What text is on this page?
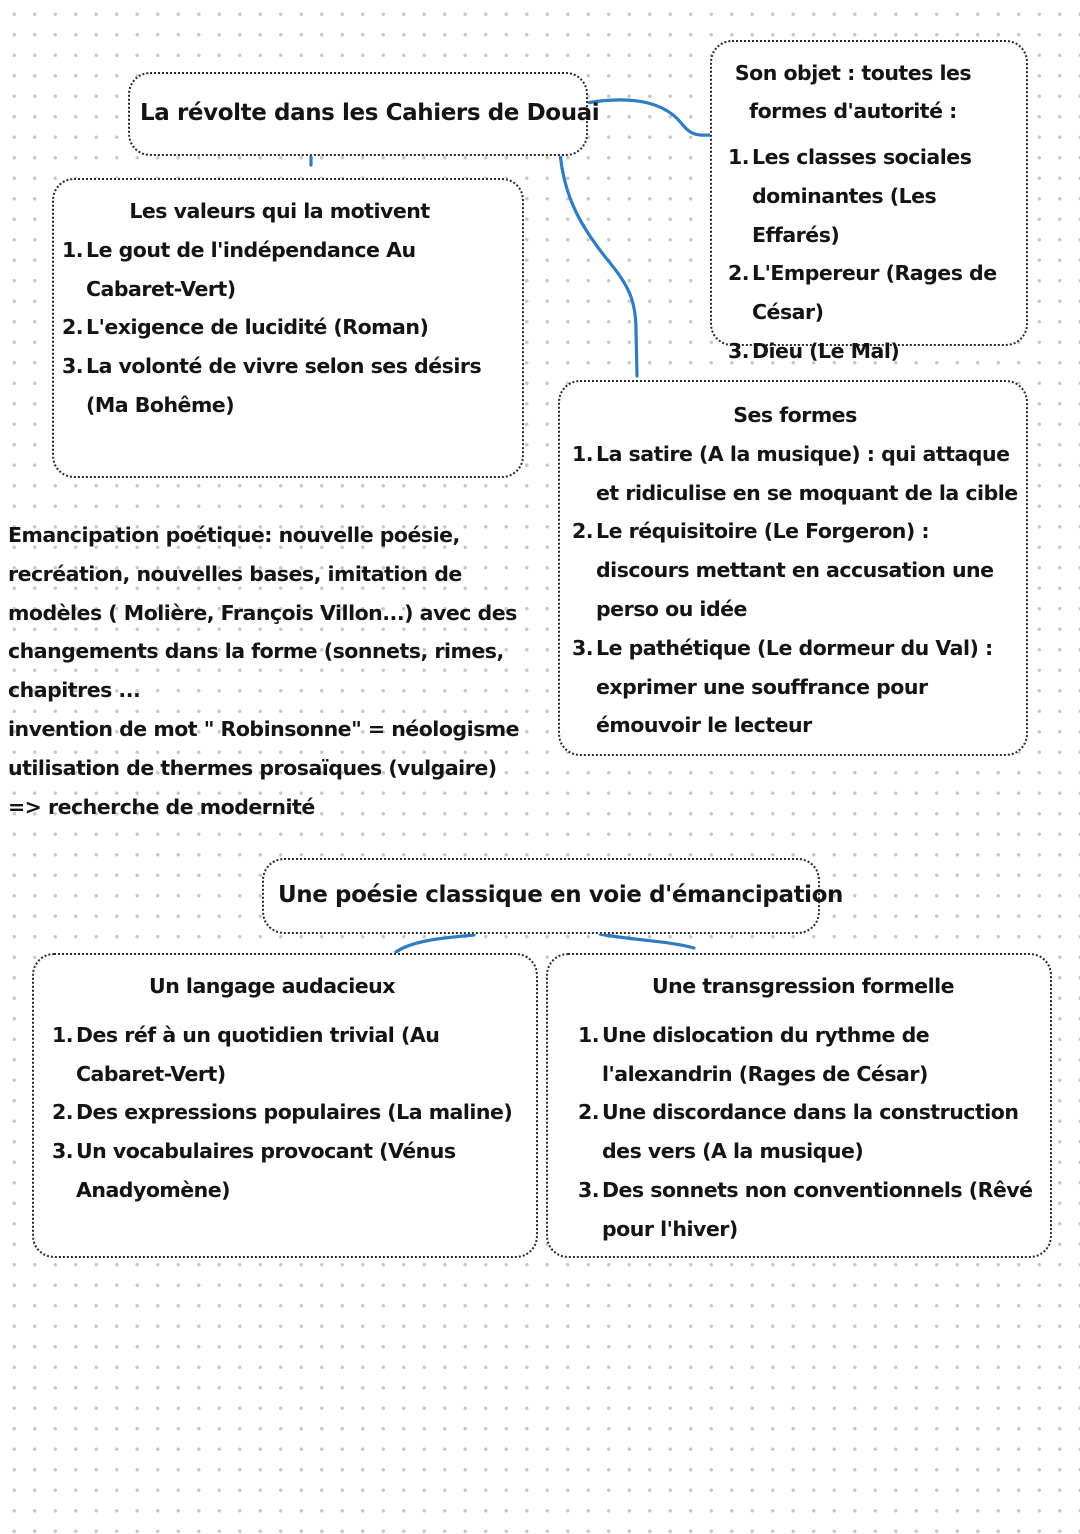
La révolte dans les Cahiers de Douai
Les valeurs qui la motivent
1. Le gout de l'indépendance Au Cabaret-Vert)
2. L'exigence de lucidité (Roman)
3. La volonté de vivre selon ses désirs (Ma Bohême)
Son objet : toutes les formes d'autorité :
1. Les classes sociales dominantes (Les Effarés)
2. L'Empereur (Rages de César)
3. Dieu (Le Mal)
Ses formes
1. La satire (A la musique) : qui attaque et ridiculise en se moquant de la cible
2. Le réquisitoire (Le Forgeron) : discours mettant en accusation une perso ou idée
3. Le pathétique (Le dormeur du Val) : exprimer une souffrance pour émouvoir le lecteur
Emancipation poétique: nouvelle poésie,
recréation, nouvelles bases, imitation de
modèles ( Molière, François Villon...) avec des
changements dans la forme (sonnets, rimes,
chapitres ...
invention de mot " Robinsonne" = néologisme
utilisation de thermes prosaïques (vulgaire)
=> recherche de modernité
Une poésie classique en voie d'émancipation
Un langage audacieux
1. Des réf à un quotidien trivial (Au Cabaret-Vert)
2. Des expressions populaires (La maline)
3. Un vocabulaires provocant (Vénus Anadyomène)
Une transgression formelle
1. Une dislocation du rythme de l'alexandrin (Rages de César)
2. Une discordance dans la construction des vers (A la musique)
3. Des sonnets non conventionnels (Rêvé pour l'hiver)
